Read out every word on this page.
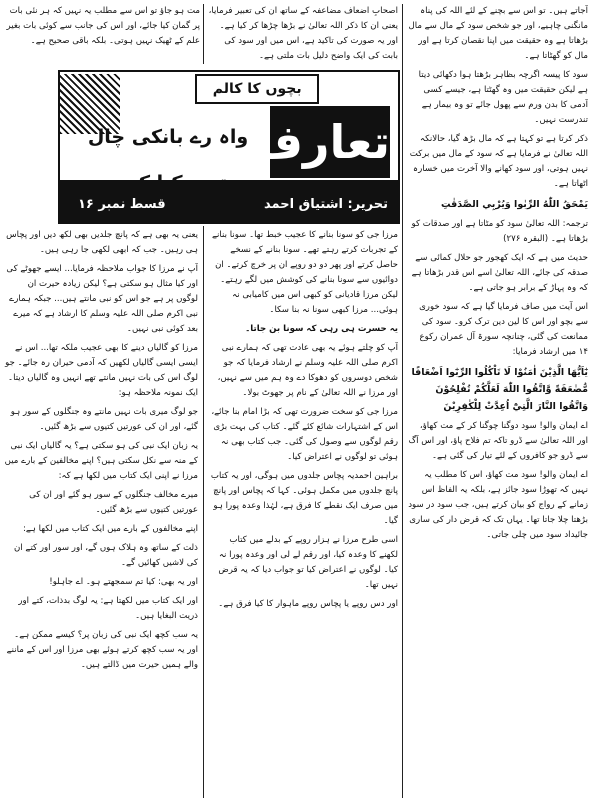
اصحابِ اضعاف مضاعفہ کے ساتھ ان کی تعبیر فرمایا، یعنی ان کا ذکر اللہ تعالیٰ نے بڑھا چڑھا کر کیا ہے۔ اور یہ صورت کی تاکید ہے، اس میں اور سود کی بابت کی ایک واضح دلیل بات ملتی ہے۔

مت ہو جاؤ تو اس سے مطلب یہ نہیں کہ ہر نئی بات پر گمان کیا جائے، اور اس کی جانب سے کوئی بات بغیر علم کے ٹھیک نہیں ہوتی۔ بلکہ باقی صحیح ہے۔

بچوں کا کالم
تعارف
واہ رے بانکی چال
تحریر: اشتیاق احمد
قسط نمبر ۱۶

آجاتے ہیں۔ تو اس سے بچنے کے لئے اللہ کی پناہ مانگنی چاہیے، اور جو شخص سود کے مال سے مال بڑھاتا ہے وہ حقیقت میں اپنا نقصان کرتا ہے اور مال کو گھٹاتا ہے۔

سود کا پیسہ اگرچہ بظاہر بڑھتا ہوا دکھائی دیتا ہے لیکن حقیقت میں وہ گھٹتا ہے، جیسے کسی آدمی کا بدن ورم سے پھول جائے تو وہ بیمار ہے تندرست نہیں۔

ذکر کرتا ہے تو کہتا ہے کہ مال بڑھ گیا، حالانکہ اللہ تعالیٰ نے فرمایا ہے کہ سود کے مال میں برکت نہیں ہوتی، اور سود کھانے والا آخرت میں خسارہ اٹھاتا ہے۔

يَمْحَقُ اللّٰهُ الرِّبٰوا وَيُرْبِي الصَّدَقٰتِ

ترجمہ: اللہ تعالیٰ سود کو مٹاتا ہے اور صدقات کو بڑھاتا ہے۔ (البقرہ ۲۷۶)

حدیث میں ہے کہ ایک کھجور جو حلال کمائی سے صدقہ کی جائے، اللہ تعالیٰ اسے اس قدر بڑھاتا ہے کہ وہ پہاڑ کے برابر ہو جاتی ہے۔

اس آیت میں صاف فرمایا گیا ہے کہ سود خوری سے بچو اور اس کا لین دین ترک کرو۔ سود کی ممانعت کی گئی، چنانچہ سورۃ آل عمران رکوع ۱۴ میں ارشاد فرمایا:

يٰٓاَيُّهَا الَّذِيْنَ اٰمَنُوْا لَا تَاْكُلُوا الرِّبٰٓوا اَضْعَافًا مُّضٰعَفَةً وَّاتَّقُوا اللّٰهَ لَعَلَّكُمْ تُفْلِحُوْنَ وَاتَّقُوا النَّارَ الَّتِيْٓ اُعِدَّتْ لِلْكٰفِرِيْنَ

اے ایمان والو! سود دوگنا چوگنا کر کے مت کھاؤ، اور اللہ تعالیٰ سے ڈرو تاکہ تم فلاح پاؤ، اور اس آگ سے ڈرو جو کافروں کے لئے تیار کی گئی ہے۔

اے ایمان والو! سود مت کھاؤ، اس کا مطلب یہ نہیں کہ تھوڑا سود جائز ہے، بلکہ یہ الفاظ اس زمانے کے رواج کو بیان کرتے ہیں، جب سود در سود بڑھتا چلا جاتا تھا۔ یہاں تک کہ قرض دار کی ساری جائیداد سود میں چلی جاتی۔

مرزا جی کو سونا بنانے کا عجیب خبط تھا۔ سونا بنانے کے تجربات کرتے رہتے تھے۔ سونا بنانے کے نسخے حاصل کرتے اور پھر دو دو روپے ان پر خرچ کرتے۔ ان دوائیوں سے سونا بنانے کی کوشش میں لگے رہتے۔ لیکن مرزا قادیانی کو کبھی اس میں کامیابی نہ ہوئی... مرزا کبھی سونا نہ بنا سکا۔

یہ حسرت ہی رہی کہ سونا بن جاتا۔

آپ کو چلتے ہوئے یہ بھی عادت تھی کہ ہمارے نبی اکرم صلی اللہ علیہ وسلم نے ارشاد فرمایا کہ جو شخص دوسروں کو دھوکا دے وہ ہم میں سے نہیں، اور مرزا نے اللہ تعالیٰ کے نام پر جھوٹ بولا۔

مرزا جی کو سخت ضرورت تھی کہ بڑا امام بنا جائے، اس کے اشتہارات شائع کئے گئے۔ کتاب کی بہت بڑی رقم لوگوں سے وصول کی گئی۔ جب کتاب بھی نہ ہوئی تو لوگوں نے اعتراض کیا۔

براہین احمدیہ پچاس جلدوں میں ہوگی، اور یہ کتاب پانچ جلدوں میں مکمل ہوئی۔ کہا کہ پچاس اور پانچ میں صرف ایک نقطے کا فرق ہے، لہٰذا وعدہ پورا ہو گیا۔

اسی طرح مرزا نے ہزار روپے کے بدلے میں کتاب لکھنے کا وعدہ کیا، اور رقم لے لی اور وعدہ پورا نہ کیا۔ لوگوں نے اعتراض کیا تو جواب دیا کہ یہ قرض نہیں تھا۔

اور دس روپے یا پچاس روپے ماہوار کا کیا فرق ہے۔

یعنی یہ بھی ہے کہ پانچ جلدیں بھی لکھ دیں اور پچاس ہی رہیں۔ جب کہ ابھی لکھی جا رہی ہیں۔

آپ نے مرزا کا جواب ملاحظہ فرمایا... ایسے جھوٹے کی اور کیا مثال ہو سکتی ہے؟ لیکن زیادہ حیرت ان لوگوں پر ہے جو اس کو نبی مانتے ہیں... جبکہ ہمارے نبی اکرم صلی اللہ علیہ وسلم کا ارشاد ہے کہ میرے بعد کوئی نبی نہیں۔

مرزا کو گالیاں دینے کا بھی عجیب ملکہ تھا... اس نے ایسی ایسی گالیاں لکھیں کہ آدمی حیران رہ جائے۔ جو لوگ اس کی بات نہیں مانتے تھے انہیں وہ گالیاں دیتا۔ ایک نمونہ ملاحظہ ہو:

جو لوگ میری بات نہیں مانتے وہ جنگلوں کے سور ہو گئے، اور ان کی عورتیں کتیوں سے بڑھ گئیں۔

یہ زبان ایک نبی کی ہو سکتی ہے؟ یہ گالیاں ایک نبی کے منہ سے نکل سکتی ہیں؟ اپنے مخالفین کے بارے میں مرزا نے اپنی ایک کتاب میں لکھا ہے کہ:

میرے مخالف جنگلوں کے سور ہو گئے اور ان کی عورتیں کتیوں سے بڑھ گئیں۔

اپنے مخالفوں کے بارے میں ایک کتاب میں لکھا ہے:

ذلت کے ساتھ وہ ہلاک ہوں گے، اور سور اور کتے ان کی لاشیں کھائیں گے۔

اور یہ بھی: کیا تم سمجھتے ہو۔ اے جاہلو!

اور ایک کتاب میں لکھتا ہے: یہ لوگ بدذات، کتے اور ذریت البغایا ہیں۔

یہ سب کچھ ایک نبی کی زبان پر؟ کیسے ممکن ہے۔ اور یہ سب کچھ کرتے ہوئے بھی مرزا اور اس کے ماننے والے ہمیں حیرت میں ڈالتے ہیں۔
